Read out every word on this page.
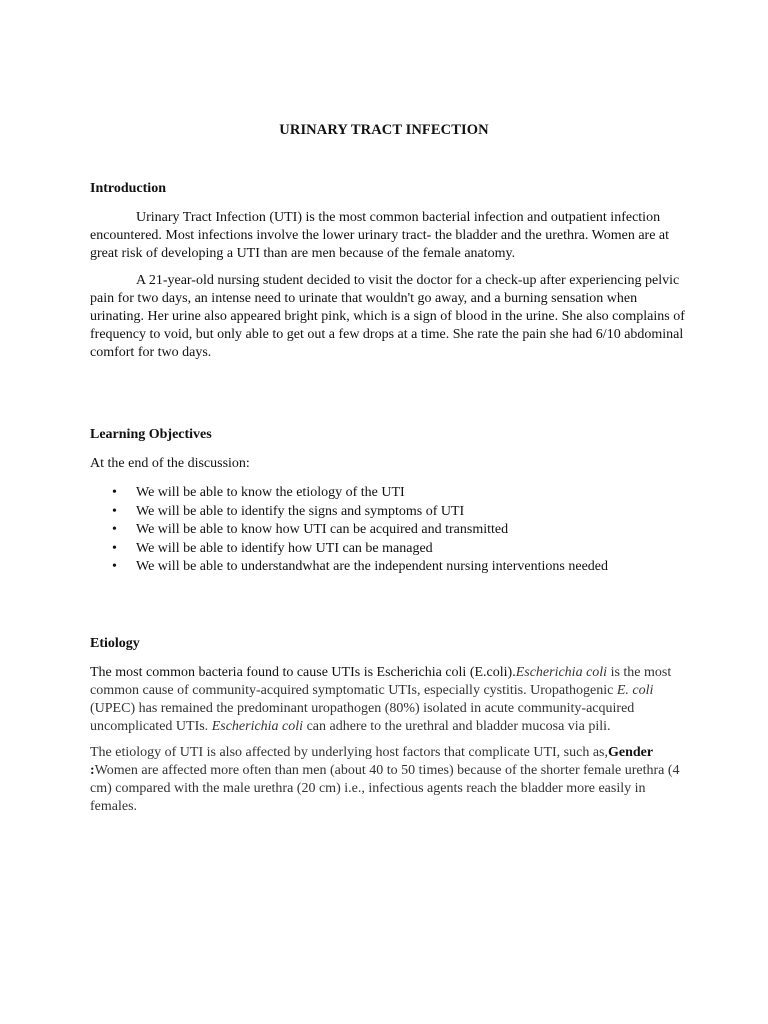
URINARY TRACT INFECTION
Introduction

Urinary Tract Infection (UTI) is the most common bacterial infection and outpatient infection encountered. Most infections involve the lower urinary tract- the bladder and the urethra. Women are at great risk of developing a UTI than are men because of the female anatomy.

A 21-year-old nursing student decided to visit the doctor for a check-up after experiencing pelvic pain for two days, an intense need to urinate that wouldn't go away, and a burning sensation when urinating. Her urine also appeared bright pink, which is a sign of blood in the urine. She also complains of frequency to void, but only able to get out a few drops at a time. She rate the pain she had 6/10 abdominal comfort for two days.

Learning Objectives

At the end of the discussion:

• We will be able to know the etiology of the UTI
• We will be able to identify the signs and symptoms of UTI
• We will be able to know how UTI can be acquired and transmitted
• We will be able to identify how UTI can be managed
• We will be able to understandwhat are the independent nursing interventions needed
Etiology

The most common bacteria found to cause UTIs is Escherichia coli (E.coli).Escherichia coli is the most common cause of community-acquired symptomatic UTIs, especially cystitis. Uropathogenic E. coli (UPEC) has remained the predominant uropathogen (80%) isolated in acute community-acquired uncomplicated UTIs. Escherichia coli can adhere to the urethral and bladder mucosa via pili.

The etiology of UTI is also affected by underlying host factors that complicate UTI, such as,Gender :Women are affected more often than men (about 40 to 50 times) because of the shorter female urethra (4 cm) compared with the male urethra (20 cm) i.e., infectious agents reach the bladder more easily in females.
